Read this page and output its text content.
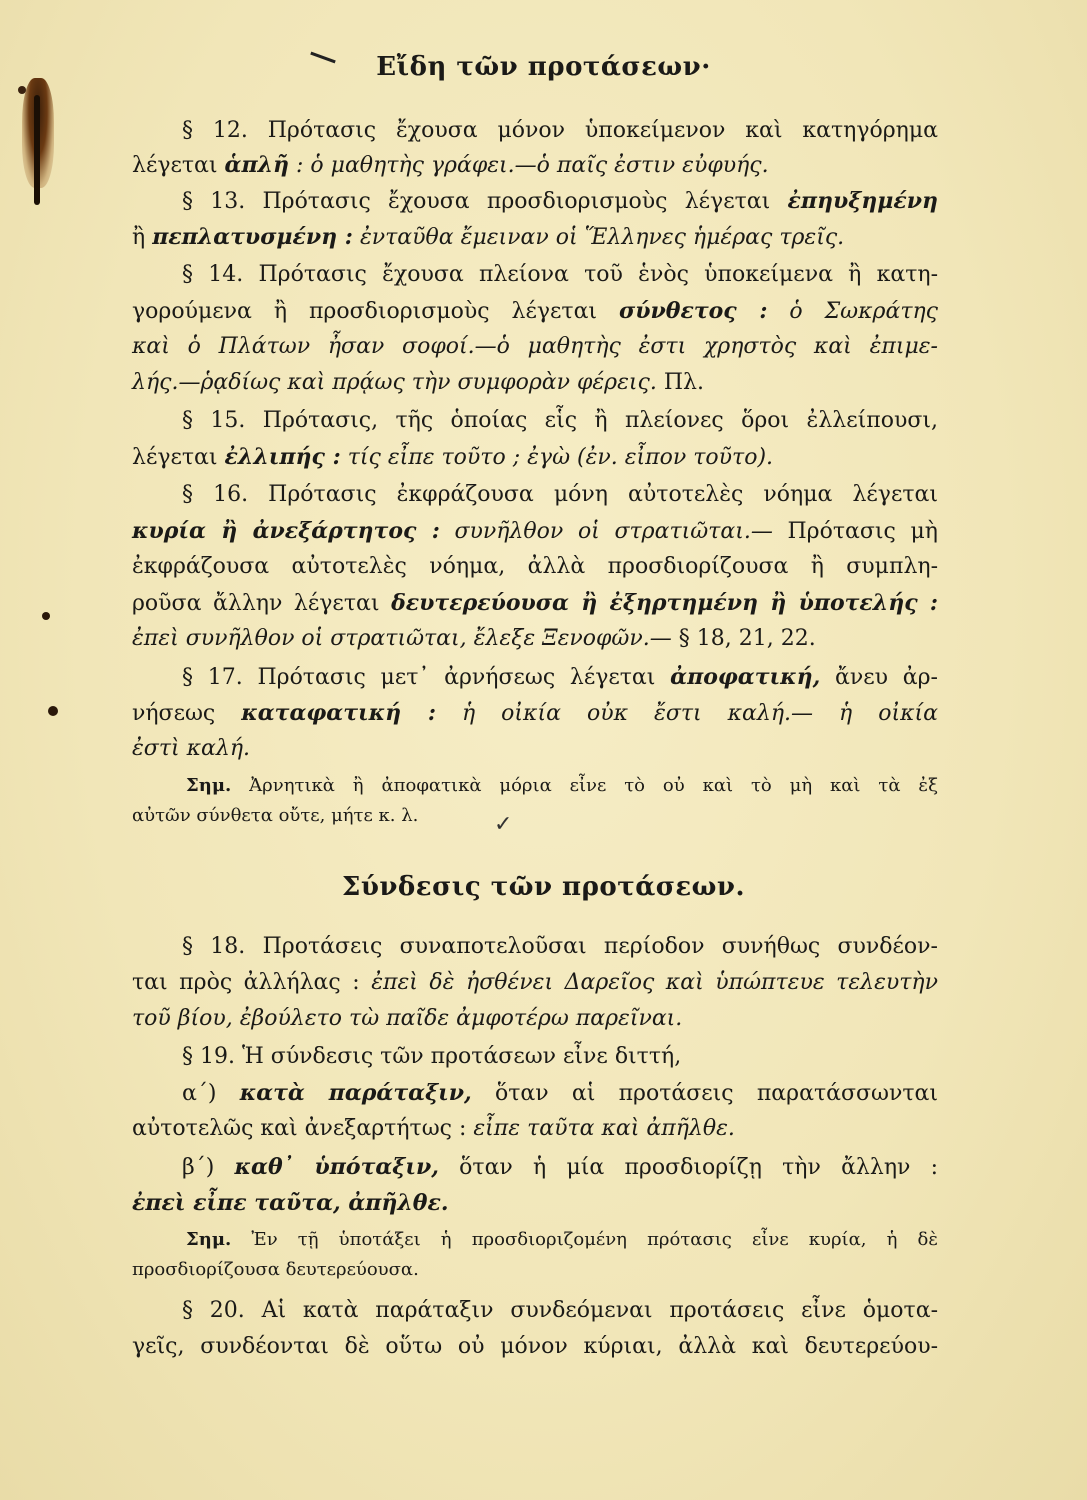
Εἴδη τῶν προτάσεων·
§ 12. Πρότασις ἔχουσα μόνον ὑποκείμενον καὶ κατηγόρημα
λέγεται ἁπλῆ : ὁ μαθητὴς γράφει.—ὁ παῖς ἐστιν εὐφυής.
§ 13. Πρότασις ἔχουσα προσδιορισμοὺς λέγεται ἐπηυξημένη
ἢ πεπλατυσμένη : ἐνταῦθα ἔμειναν οἱ Ἕλληνες ἡμέρας τρεῖς.
§ 14. Πρότασις ἔχουσα πλείονα τοῦ ἑνὸς ὑποκείμενα ἢ κατη-
γορούμενα ἢ προσδιορισμοὺς λέγεται σύνθετος : ὁ Σωκράτης
καὶ ὁ Πλάτων ἦσαν σοφοί.—ὁ μαθητὴς ἐστι χρηστὸς καὶ ἐπιμε-
λής.—ῥᾳδίως καὶ πρᾴως τὴν συμφορὰν φέρεις. Πλ.
§ 15. Πρότασις, τῆς ὁποίας εἷς ἢ πλείονες ὅροι ἐλλείπουσι,
λέγεται ἐλλιπής : τίς εἶπε τοῦτο ; ἐγὼ (ἐν. εἶπον τοῦτο).
§ 16. Πρότασις ἐκφράζουσα μόνη αὐτοτελὲς νόημα λέγεται
κυρία ἢ ἀνεξάρτητος : συνῆλθον οἱ στρατιῶται.— Πρότασις μὴ
ἐκφράζουσα αὐτοτελὲς νόημα, ἀλλὰ προσδιορίζουσα ἢ συμπλη-
ροῦσα ἄλλην λέγεται δευτερεύουσα ἢ ἐξηρτημένη ἢ ὑποτελής :
ἐπεὶ συνῆλθον οἱ στρατιῶται, ἔλεξε Ξενοφῶν.— § 18, 21, 22.
§ 17. Πρότασις μετ᾽ ἀρνήσεως λέγεται ἀποφατική, ἄνευ ἀρ-
νήσεως καταφατική : ἡ οἰκία οὐκ ἔστι καλή.— ἡ οἰκία
ἐστὶ καλή.
Σημ. Ἀρνητικὰ ἢ ἀποφατικὰ μόρια εἶνε τὸ οὐ καὶ τὸ μὴ καὶ τὰ ἐξ
αὐτῶν σύνθετα οὔτε, μήτε κ. λ.	✓
Σύνδεσις τῶν προτάσεων.
§ 18. Προτάσεις συναποτελοῦσαι περίοδον συνήθως συνδέον-
ται πρὸς ἀλλήλας : ἐπεὶ δὲ ἠσθένει Δαρεῖος καὶ ὑπώπτευε τελευτὴν
τοῦ βίου, ἐβούλετο τὼ παῖδε ἀμφοτέρω παρεῖναι.
§ 19. Ἡ σύνδεσις τῶν προτάσεων εἶνε διττή,
α΄) κατὰ παράταξιν, ὅταν αἱ προτάσεις παρατάσσωνται
αὐτοτελῶς καὶ ἀνεξαρτήτως : εἶπε ταῦτα καὶ ἀπῆλθε.
β΄) καθ᾽ ὑπόταξιν, ὅταν ἡ μία προσδιορίζῃ τὴν ἄλλην :
ἐπεὶ εἶπε ταῦτα, ἀπῆλθε.
Σημ. Ἐν τῇ ὑποτάξει ἡ προσδιοριζομένη πρότασις εἶνε κυρία, ἡ δὲ
προσδιορίζουσα δευτερεύουσα.
§ 20. Αἱ κατὰ παράταξιν συνδεόμεναι προτάσεις εἶνε ὁμοτα-
γεῖς, συνδέονται δὲ οὕτω οὐ μόνον κύριαι, ἀλλὰ καὶ δευτερεύου-
